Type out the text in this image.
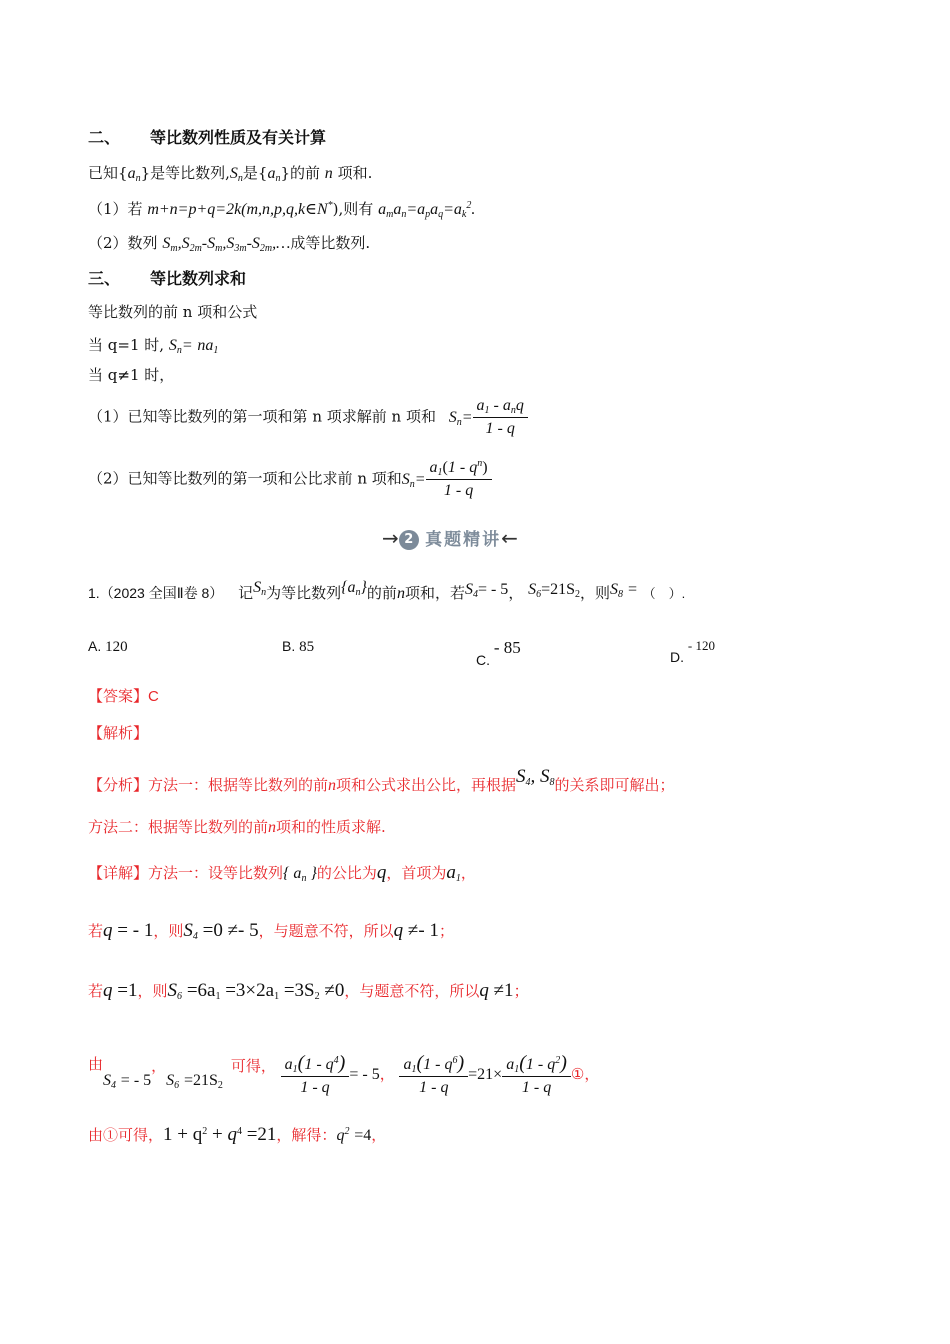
二、 等比数列性质及有关计算
已知$\{a_n\}$是等比数列$,S_n$是$\{a_n\}$的前 n 项和.
（1）若 m+n=p+q=2k(m,n,p,q,k∈N*),则有 $a_ma_n=a_pa_q=a_k^2$.
（2）数列 $S_m,S_{2m}-S_m,S_{3m}-S_{2m},\dots$成等比数列.
三、 等比数列求和
等比数列的前 n 项和公式
当 q=1 时, $S_n= na_1$
当 q≠1 时，
（1）已知等比数列的第一项和第 n 项求解前 n 项和 $S_n= \frac{a_1 - a_nq}{1 - q}$
（2）已知等比数列的第一项和公比求前 n 项和$S_n= \frac{a_1(1 - q^n)}{1 - q}$
→ 2 真题精讲←
1.（2023 全国Ⅱ卷 8） 记$S_n$为等比数列$\{a_n\}$的前n项和，若$S_4= - 5$， $S_6=21S_2$，则$S_8$ = （　）.
A. 120	B. 85
C. - 85	D. - 120
【答案】C
【解析】
【分析】方法一：根据等比数列的前n项和公式求出公比，再根据$S_4$, $S_8$的关系即可解出；
方法二：根据等比数列的前n项和的性质求解.
【详解】方法一：设等比数列{ $a_n$ }的公比为q，首项为$a_1$，
若q = - 1，则$S_4 =0 \ne- 5$，与题意不符，所以q ≠- 1；
若q =1，则$S_6 =6a_1 =3\times 2a_1 =3S_2 \ne 0$，与题意不符，所以q ≠1；
由$S_4$ = - 5，$S_6 =21S_2$可得， $\frac{a_1(1 - q^4)}{1 - q}$ = - 5， $\frac{a_1(1 - q^6)}{1 - q} =21\times \frac{a_1(1 - q^2)}{1 - q}$ ①，
由①可得，$1 + q^2 + q^4 =21$，解得：$q^2 =4$，
